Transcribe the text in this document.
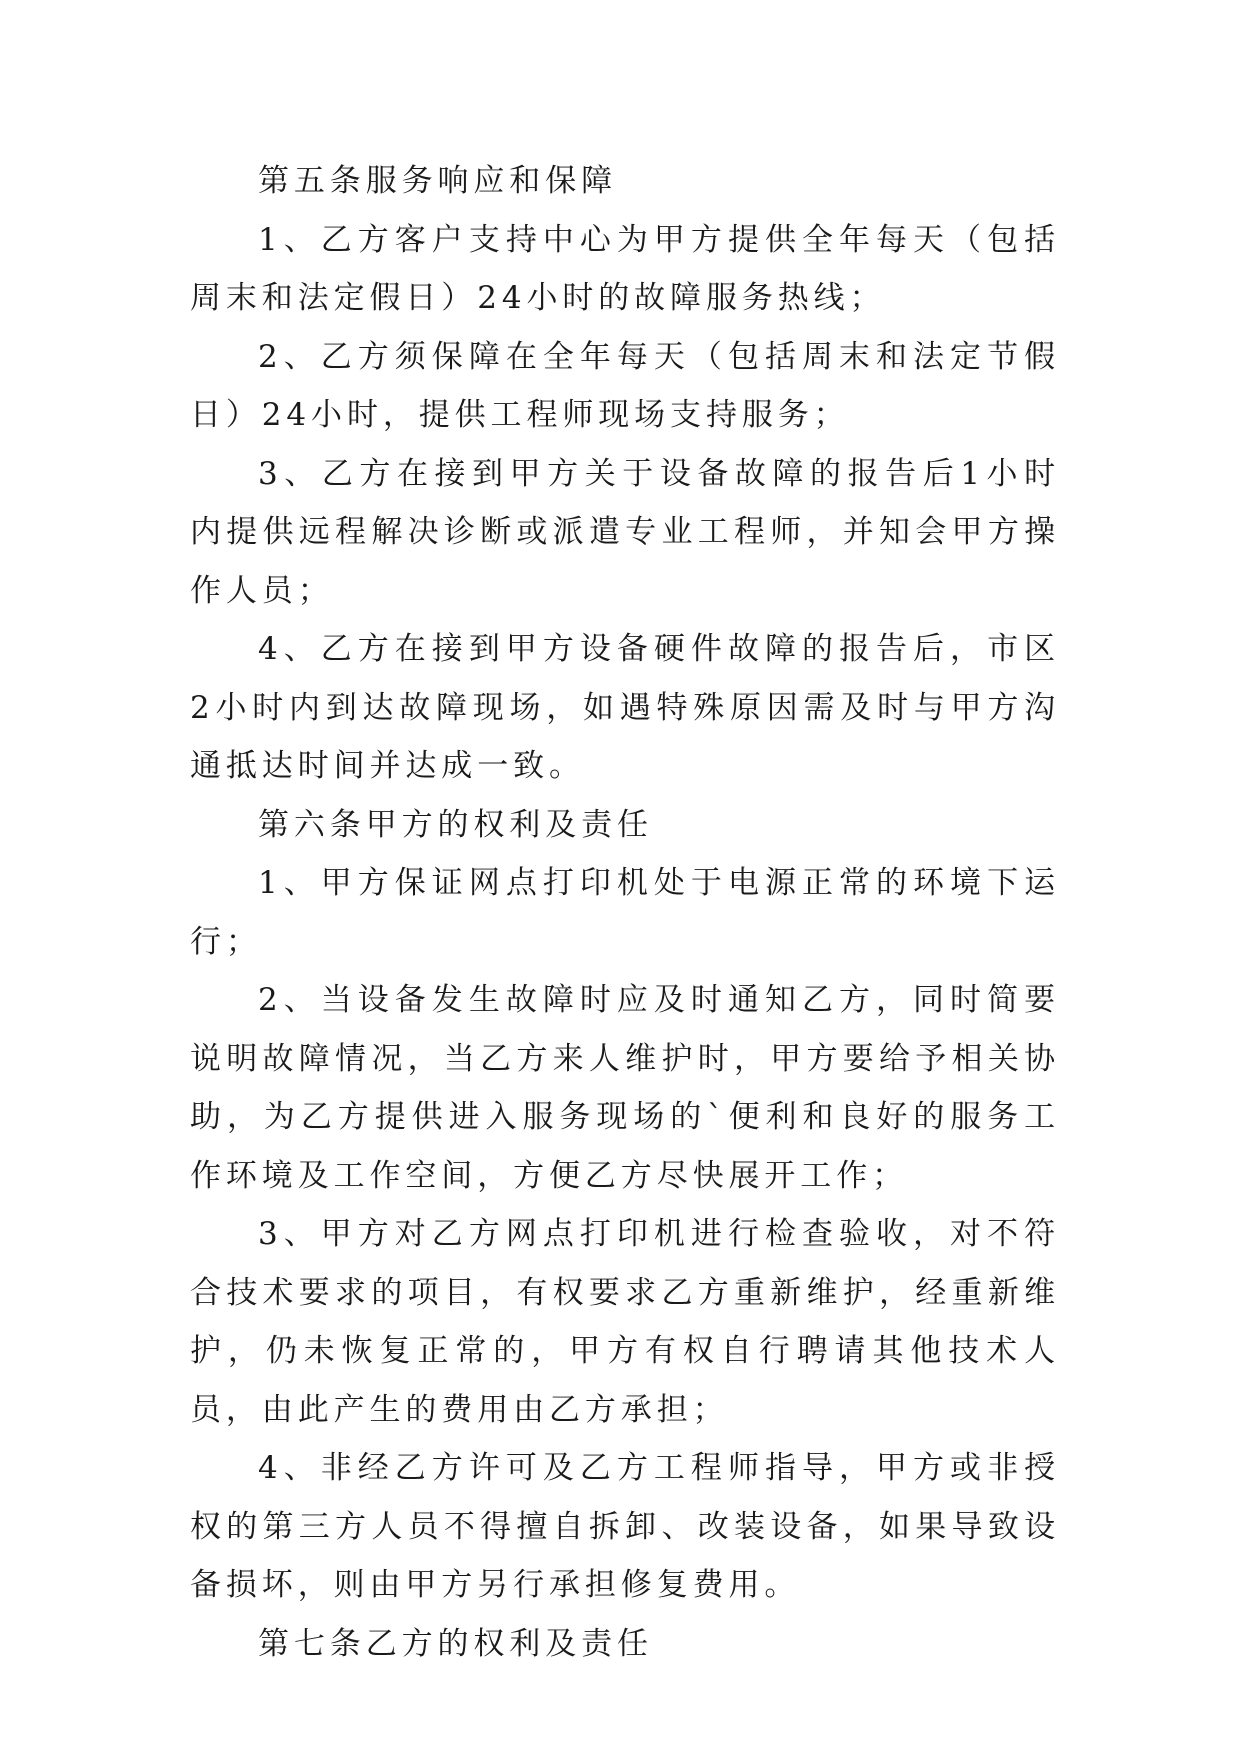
第五条服务响应和保障

1、乙方客户支持中心为甲方提供全年每天（包括周末和法定假日）24小时的故障服务热线；

2、乙方须保障在全年每天（包括周末和法定节假日）24小时，提供工程师现场支持服务；

3、乙方在接到甲方关于设备故障的报告后1小时内提供远程解决诊断或派遣专业工程师，并知会甲方操作人员；

4、乙方在接到甲方设备硬件故障的报告后，市区2小时内到达故障现场，如遇特殊原因需及时与甲方沟通抵达时间并达成一致。

第六条甲方的权利及责任

1、甲方保证网点打印机处于电源正常的环境下运行；

2、当设备发生故障时应及时通知乙方，同时简要说明故障情况，当乙方来人维护时，甲方要给予相关协助，为乙方提供进入服务现场的`便利和良好的服务工作环境及工作空间，方便乙方尽快展开工作；

3、甲方对乙方网点打印机进行检查验收，对不符合技术要求的项目，有权要求乙方重新维护，经重新维护，仍未恢复正常的，甲方有权自行聘请其他技术人员，由此产生的费用由乙方承担；

4、非经乙方许可及乙方工程师指导，甲方或非授权的第三方人员不得擅自拆卸、改装设备，如果导致设备损坏，则由甲方另行承担修复费用。

第七条乙方的权利及责任
